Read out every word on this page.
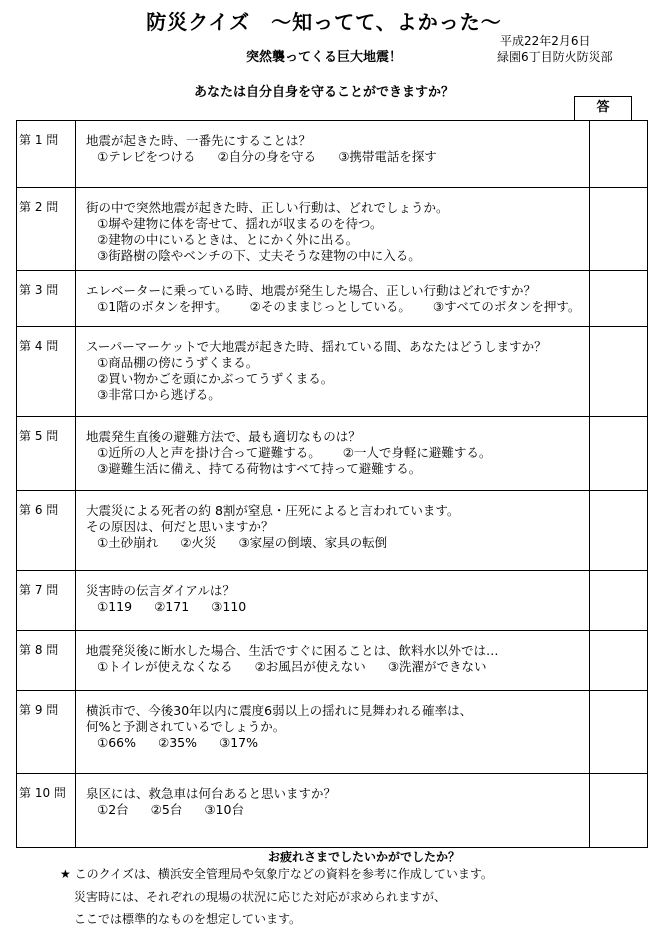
防災クイズ　～知ってて、よかった～
平成22年2月6日
緑園6丁目防火防災部
突然襲ってくる巨大地震！
あなたは自分自身を守ることができますか？
答
第 1 問	地震が起きた時、一番先にすることは？
①テレビをつける ②自分の身を守る ③携帯電話を探す	

第 2 問	街の中で突然地震が起きた時、正しい行動は、どれでしょうか。
①塀や建物に体を寄せて、揺れが収まるのを待つ。
②建物の中にいるときは、とにかく外に出る。
③街路樹の陰やベンチの下、丈夫そうな建物の中に入る。	

第 3 問	エレベーターに乗っている時、地震が発生した場合、正しい行動はどれですか？
①1階のボタンを押す。 ②そのままじっとしている。 ③すべてのボタンを押す。	

第 4 問	スーパーマーケットで大地震が起きた時、揺れている間、あなたはどうしますか？
①商品棚の傍にうずくまる。
②買い物かごを頭にかぶってうずくまる。
③非常口から逃げる。	

第 5 問	地震発生直後の避難方法で、最も適切なものは？
①近所の人と声を掛け合って避難する。 ②一人で身軽に避難する。
③避難生活に備え、持てる荷物はすべて持って避難する。	

第 6 問	大震災による死者の約 8割が窒息・圧死によると言われています。
その原因は、何だと思いますか？
①土砂崩れ ②火災 ③家屋の倒壊、家具の転倒	

第 7 問	災害時の伝言ダイアルは？
①119 ②171 ③110	

第 8 問	地震発災後に断水した場合、生活ですぐに困ることは、飲料水以外では…
①トイレが使えなくなる ②お風呂が使えない ③洗濯ができない	

第 9 問	横浜市で、今後30年以内に震度6弱以上の揺れに見舞われる確率は、
何%と予測されているでしょうか。
①66% ②35% ③17%	

第 10 問	泉区には、救急車は何台あると思いますか？
①2台 ②5台 ③10台	

お疲れさまでしたいかがでしたか？
★ このクイズは、横浜安全管理局や気象庁などの資料を参考に作成しています。
災害時には、それぞれの現場の状況に応じた対応が求められますが、
ここでは標準的なものを想定しています。
